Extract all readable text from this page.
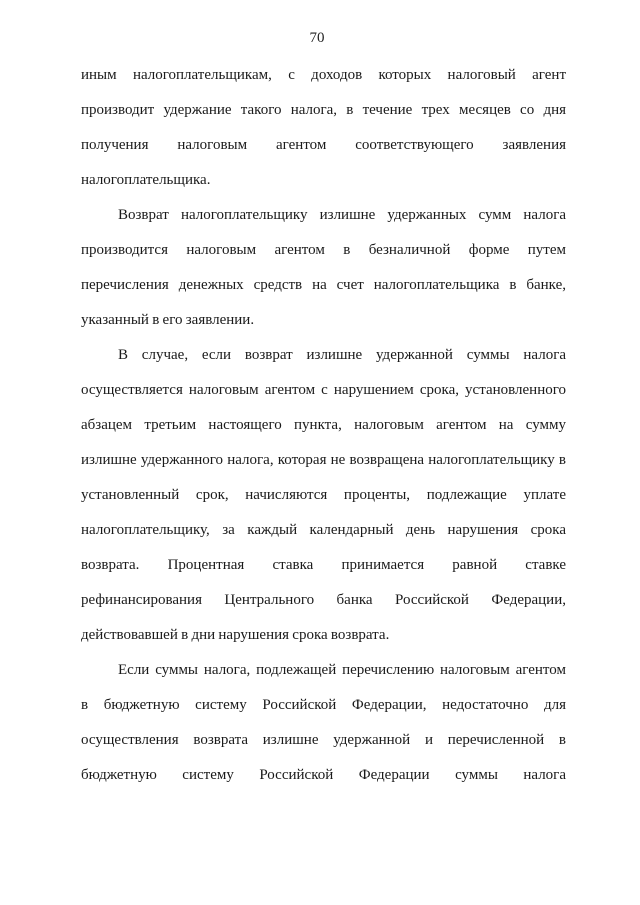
70
иным налогоплательщикам, с доходов которых налоговый агент
производит удержание такого налога, в течение трех месяцев со дня
получения налоговым агентом соответствующего заявления
налогоплательщика.
Возврат налогоплательщику излишне удержанных сумм налога
производится налоговым агентом в безналичной форме путем
перечисления денежных средств на счет налогоплательщика в банке,
указанный в его заявлении.
В случае, если возврат излишне удержанной суммы налога
осуществляется налоговым агентом с нарушением срока, установленного
абзацем третьим настоящего пункта, налоговым агентом на сумму
излишне удержанного налога, которая не возвращена налогоплательщику в
установленный срок, начисляются проценты, подлежащие уплате
налогоплательщику, за каждый календарный день нарушения срока
возврата. Процентная ставка принимается равной ставке
рефинансирования Центрального банка Российской Федерации,
действовавшей в дни нарушения срока возврата.
Если суммы налога, подлежащей перечислению налоговым агентом
в бюджетную систему Российской Федерации, недостаточно для
осуществления возврата излишне удержанной и перечисленной в
бюджетную систему Российской Федерации суммы налога
